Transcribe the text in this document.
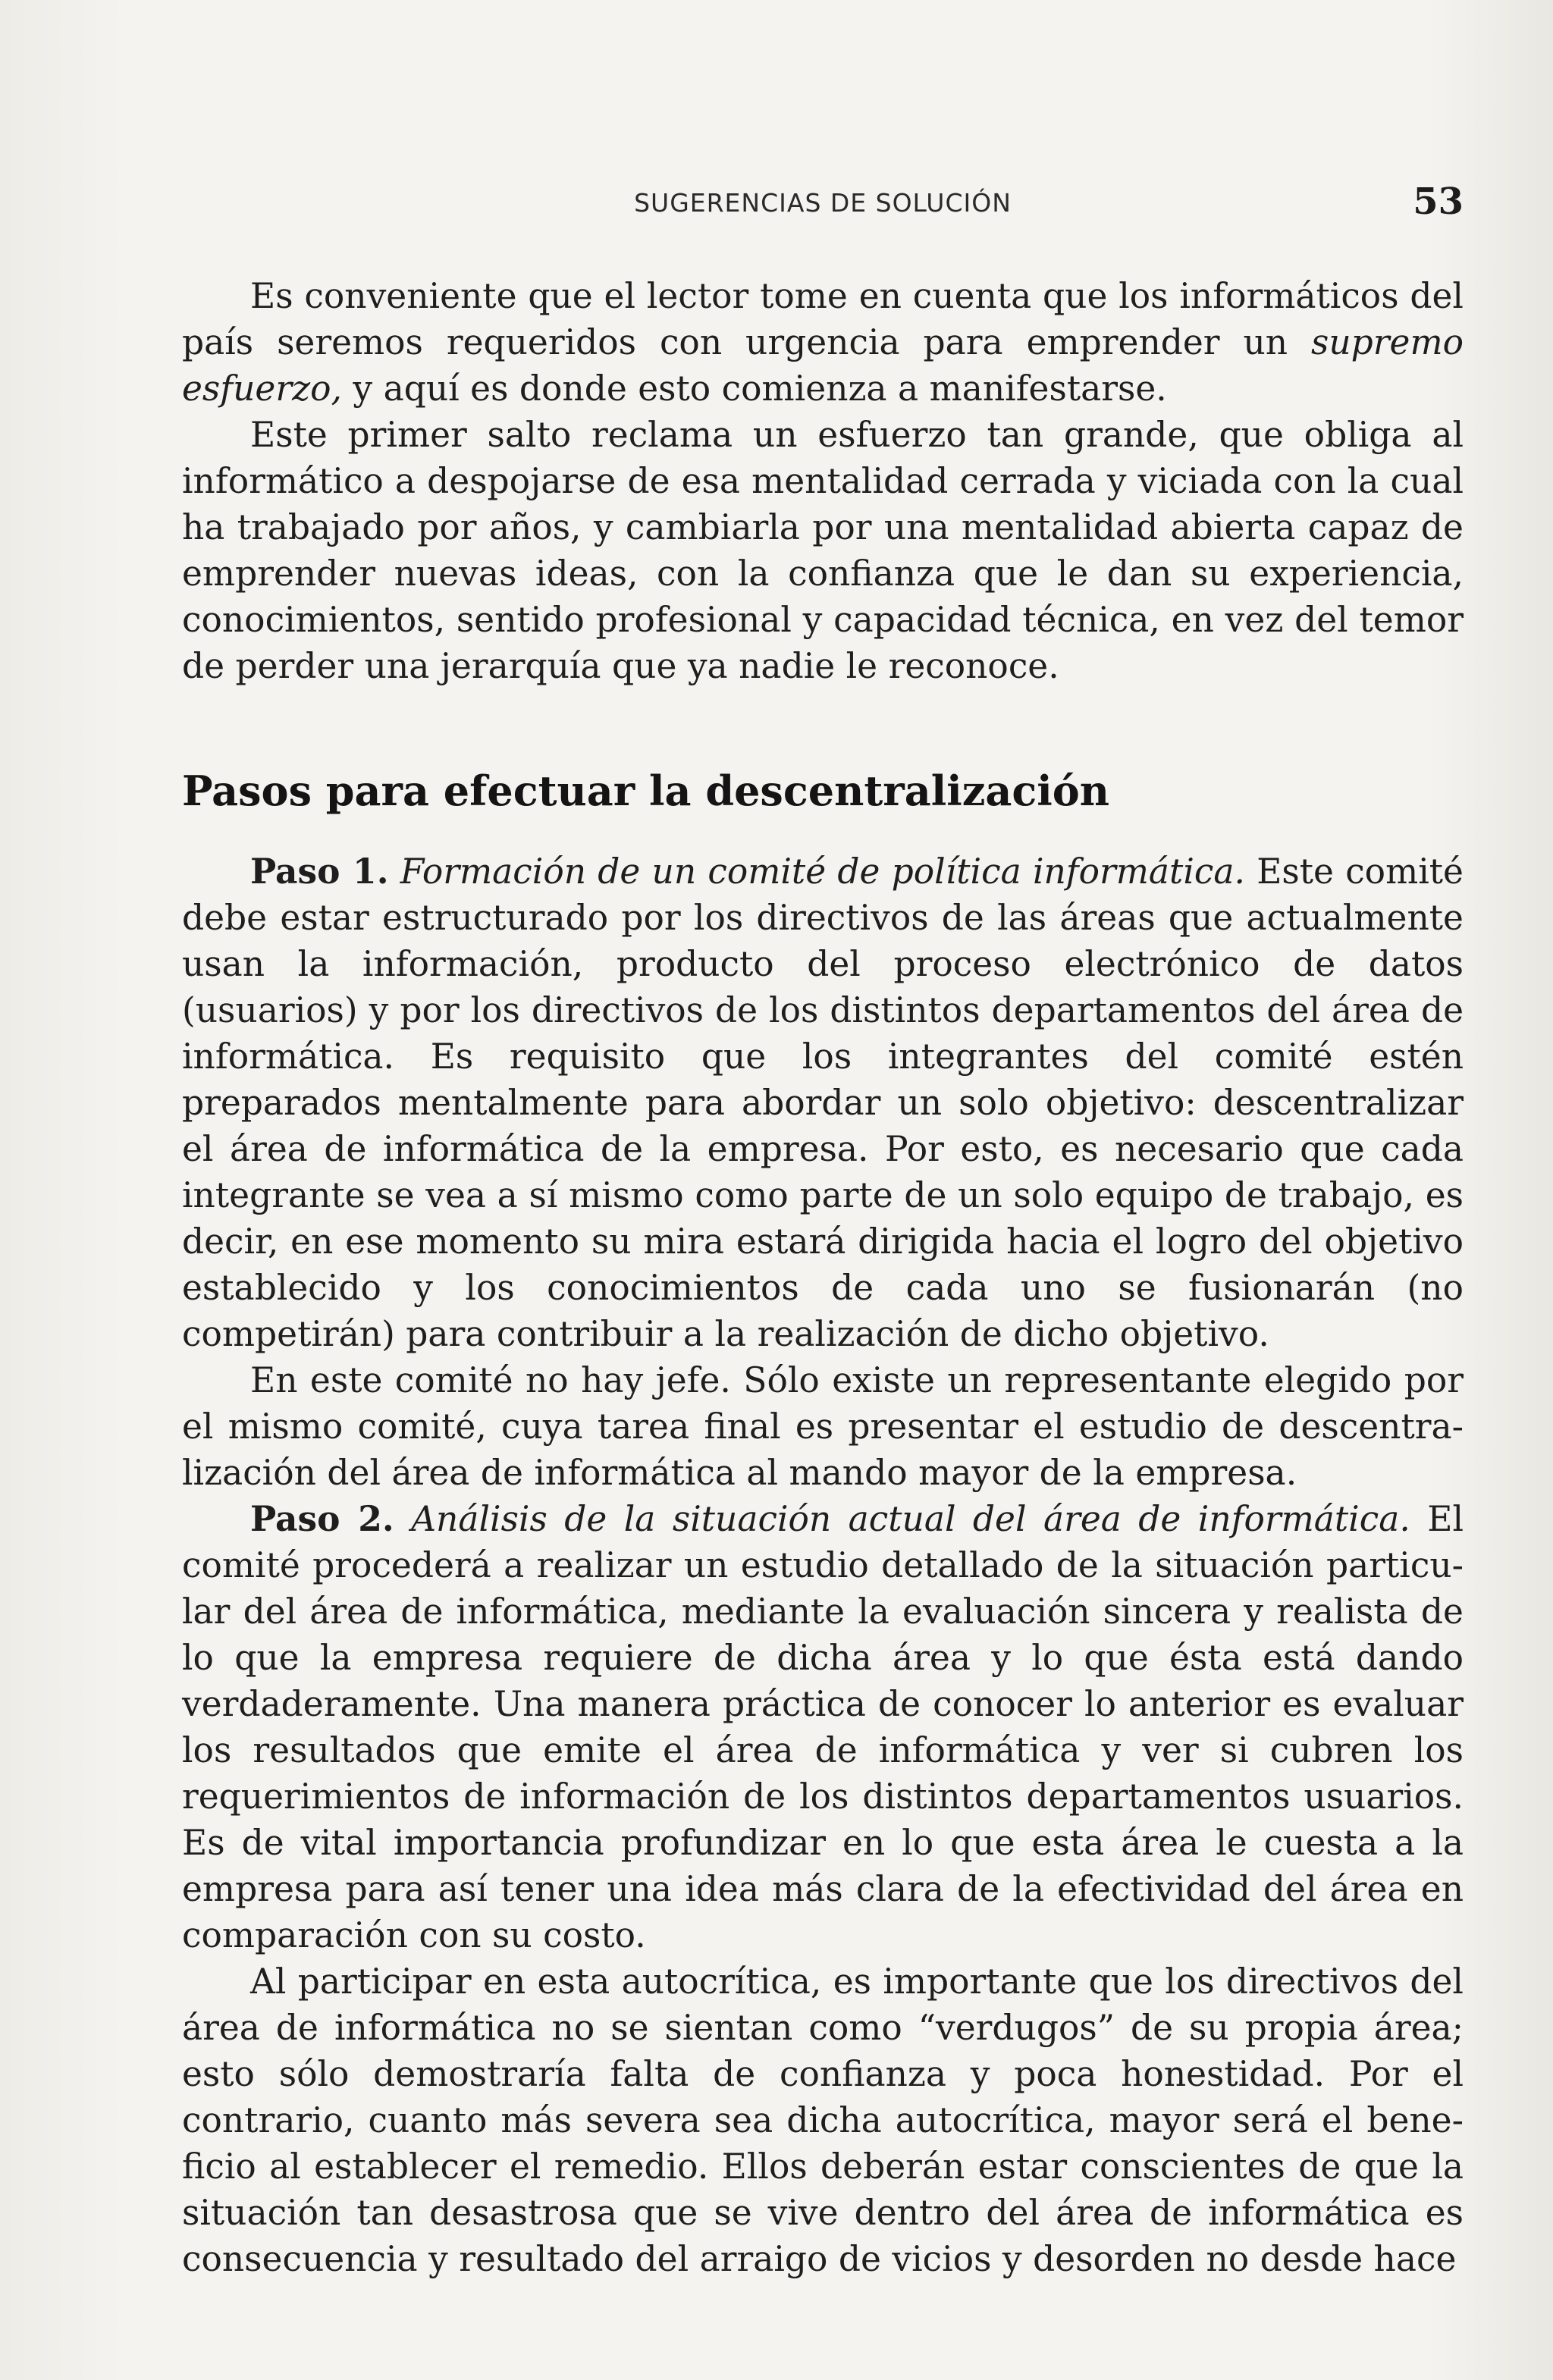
SUGERENCIAS DE SOLUCIÓN	53

Es conveniente que el lector tome en cuenta que los informáticos del país seremos requeridos con urgencia para emprender un supremo esfuerzo, y aquí es donde esto comienza a manifestarse.

Este primer salto reclama un esfuerzo tan grande, que obliga al informático a despojarse de esa mentalidad cerrada y viciada con la cual ha trabajado por años, y cambiarla por una mentalidad abierta capaz de emprender nuevas ideas, con la confianza que le dan su experiencia, conocimientos, sentido profesional y capacidad técnica, en vez del temor de perder una jerarquía que ya nadie le reconoce.

Pasos para efectuar la descentralización

Paso 1. Formación de un comité de política informática. Este comité debe estar estructurado por los directivos de las áreas que actualmente usan la información, producto del proceso electrónico de datos (usuarios) y por los directivos de los distintos departamentos del área de informática. Es requisito que los integrantes del comité estén preparados mentalmente para abordar un solo objetivo: descentralizar el área de informática de la empresa. Por esto, es necesario que cada integrante se vea a sí mismo como parte de un solo equipo de trabajo, es decir, en ese momento su mira estará dirigida hacia el logro del objetivo establecido y los conocimientos de cada uno se fusionarán (no competirán) para contribuir a la realización de dicho objetivo.

En este comité no hay jefe. Sólo existe un representante elegido por el mismo comité, cuya tarea final es presentar el estudio de descentralización del área de informática al mando mayor de la empresa.

Paso 2. Análisis de la situación actual del área de informática. El comité procederá a realizar un estudio detallado de la situación particular del área de informática, mediante la evaluación sincera y realista de lo que la empresa requiere de dicha área y lo que ésta está dando verdaderamente. Una manera práctica de conocer lo anterior es evaluar los resultados que emite el área de informática y ver si cubren los requerimientos de información de los distintos departamentos usuarios. Es de vital importancia profundizar en lo que esta área le cuesta a la empresa para así tener una idea más clara de la efectividad del área en comparación con su costo.

Al participar en esta autocrítica, es importante que los directivos del área de informática no se sientan como “verdugos” de su propia área; esto sólo demostraría falta de confianza y poca honestidad. Por el contrario, cuanto más severa sea dicha autocrítica, mayor será el beneficio al establecer el remedio. Ellos deberán estar conscientes de que la situación tan desastrosa que se vive dentro del área de informática es consecuencia y resultado del arraigo de vicios y desorden no desde hace
